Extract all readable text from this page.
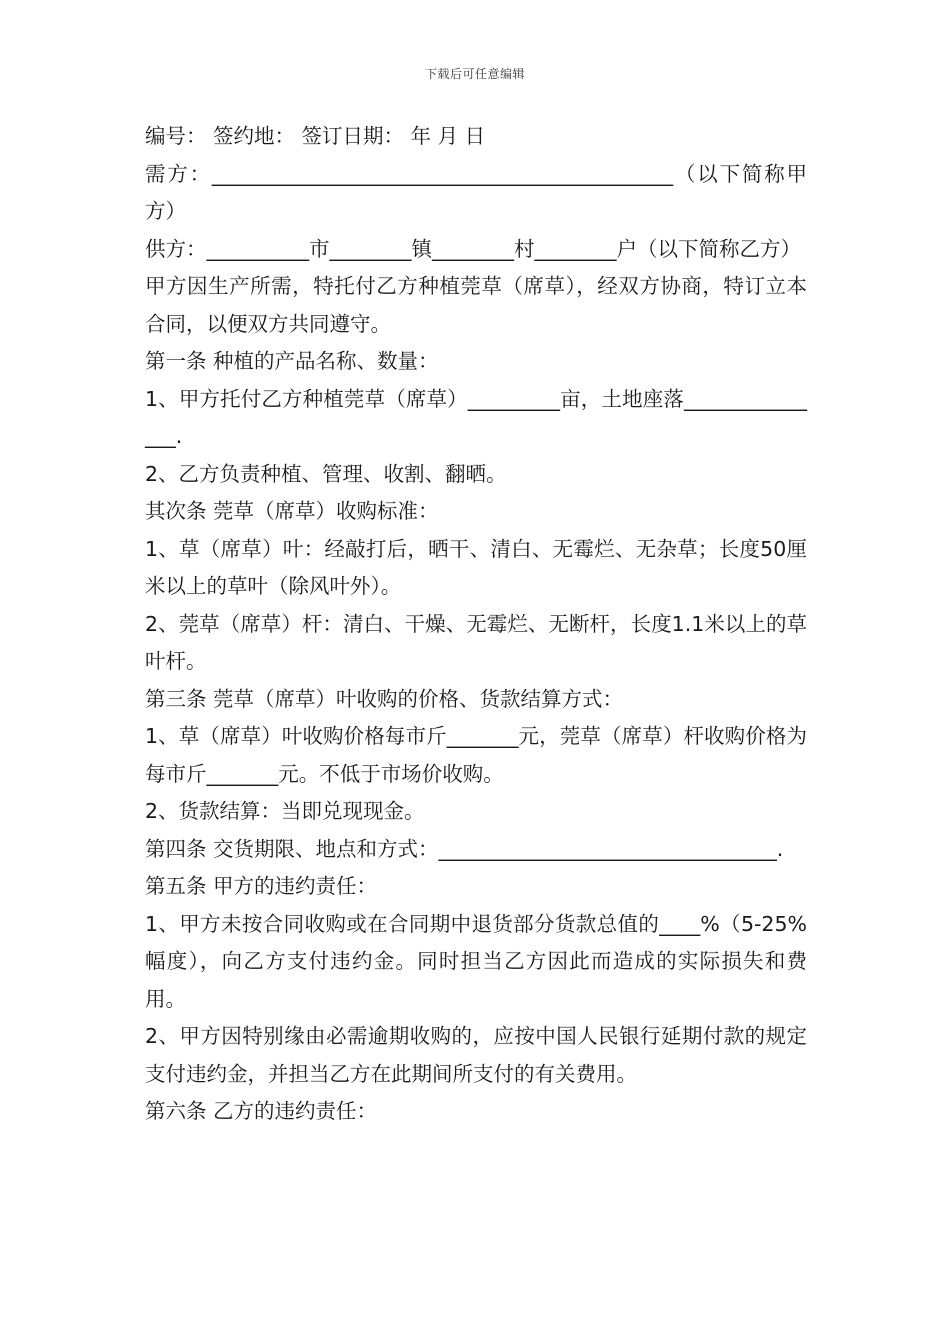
下载后可任意编辑

编号： 签约地： 签订日期： 年 月 日

需方：_____________________________________________（以下简称甲方）

供方：__________市________镇________村________户（以下简称乙方）

甲方因生产所需，特托付乙方种植莞草（席草），经双方协商，特订立本合同，以便双方共同遵守。

第一条 种植的产品名称、数量：

1、甲方托付乙方种植莞草（席草）_________亩，土地座落_______________.

2、乙方负责种植、管理、收割、翻晒。

其次条 莞草（席草）收购标准：

1、草（席草）叶：经敲打后，晒干、清白、无霉烂、无杂草；长度50厘米以上的草叶（除风叶外）。

2、莞草（席草）杆：清白、干燥、无霉烂、无断杆，长度1.1米以上的草叶杆。

第三条 莞草（席草）叶收购的价格、货款结算方式：

1、草（席草）叶收购价格每市斤_______元，莞草（席草）杆收购价格为每市斤_______元。不低于市场价收购。

2、货款结算：当即兑现现金。

第四条 交货期限、地点和方式：_________________________________.

第五条 甲方的违约责任：

1、甲方未按合同收购或在合同期中退货部分货款总值的____%（5-25%幅度），向乙方支付违约金。同时担当乙方因此而造成的实际损失和费用。

2、甲方因特别缘由必需逾期收购的，应按中国人民银行延期付款的规定支付违约金，并担当乙方在此期间所支付的有关费用。

第六条 乙方的违约责任：
